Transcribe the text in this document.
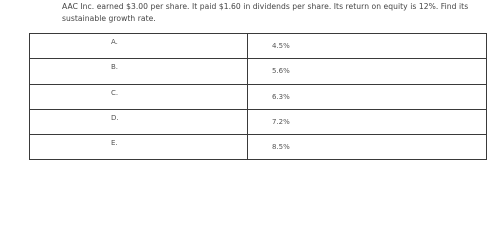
AAC Inc. earned $3.00 per share. It paid $1.60 in dividends per share. Its return on equity is 12%. Find its
sustainable growth rate.
A.	4.5%
B.	5.6%
C.	6.3%
D.	7.2%
E.	8.5%
